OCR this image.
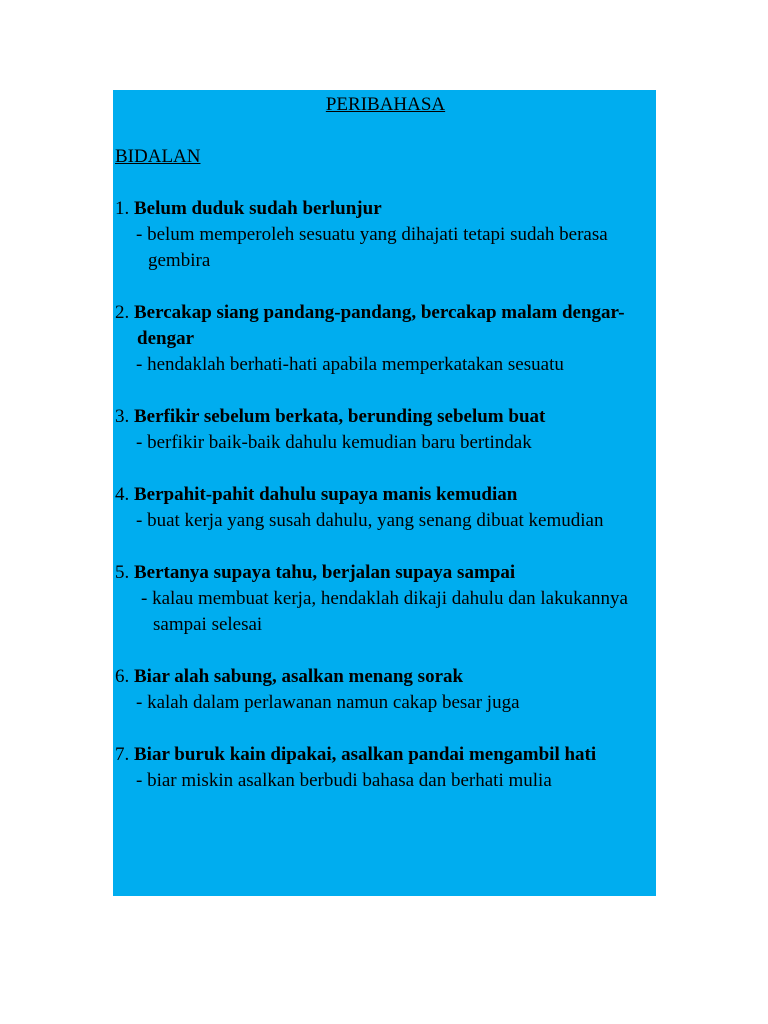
PERIBAHASA
BIDALAN
1. Belum duduk sudah berlunjur
- belum memperoleh sesuatu yang dihajati tetapi sudah berasa gembira
2. Bercakap siang pandang-pandang, bercakap malam dengar-dengar
- hendaklah berhati-hati apabila memperkatakan sesuatu
3. Berfikir sebelum berkata, berunding sebelum buat
- berfikir baik-baik dahulu kemudian baru bertindak
4. Berpahit-pahit dahulu supaya manis kemudian
- buat kerja yang susah dahulu, yang senang dibuat kemudian
5. Bertanya supaya tahu, berjalan supaya sampai
- kalau membuat kerja, hendaklah dikaji dahulu dan lakukannya sampai selesai
6. Biar alah sabung, asalkan menang sorak
- kalah dalam perlawanan namun cakap besar juga
7. Biar buruk kain dipakai, asalkan pandai mengambil hati
- biar miskin asalkan berbudi bahasa dan berhati mulia
